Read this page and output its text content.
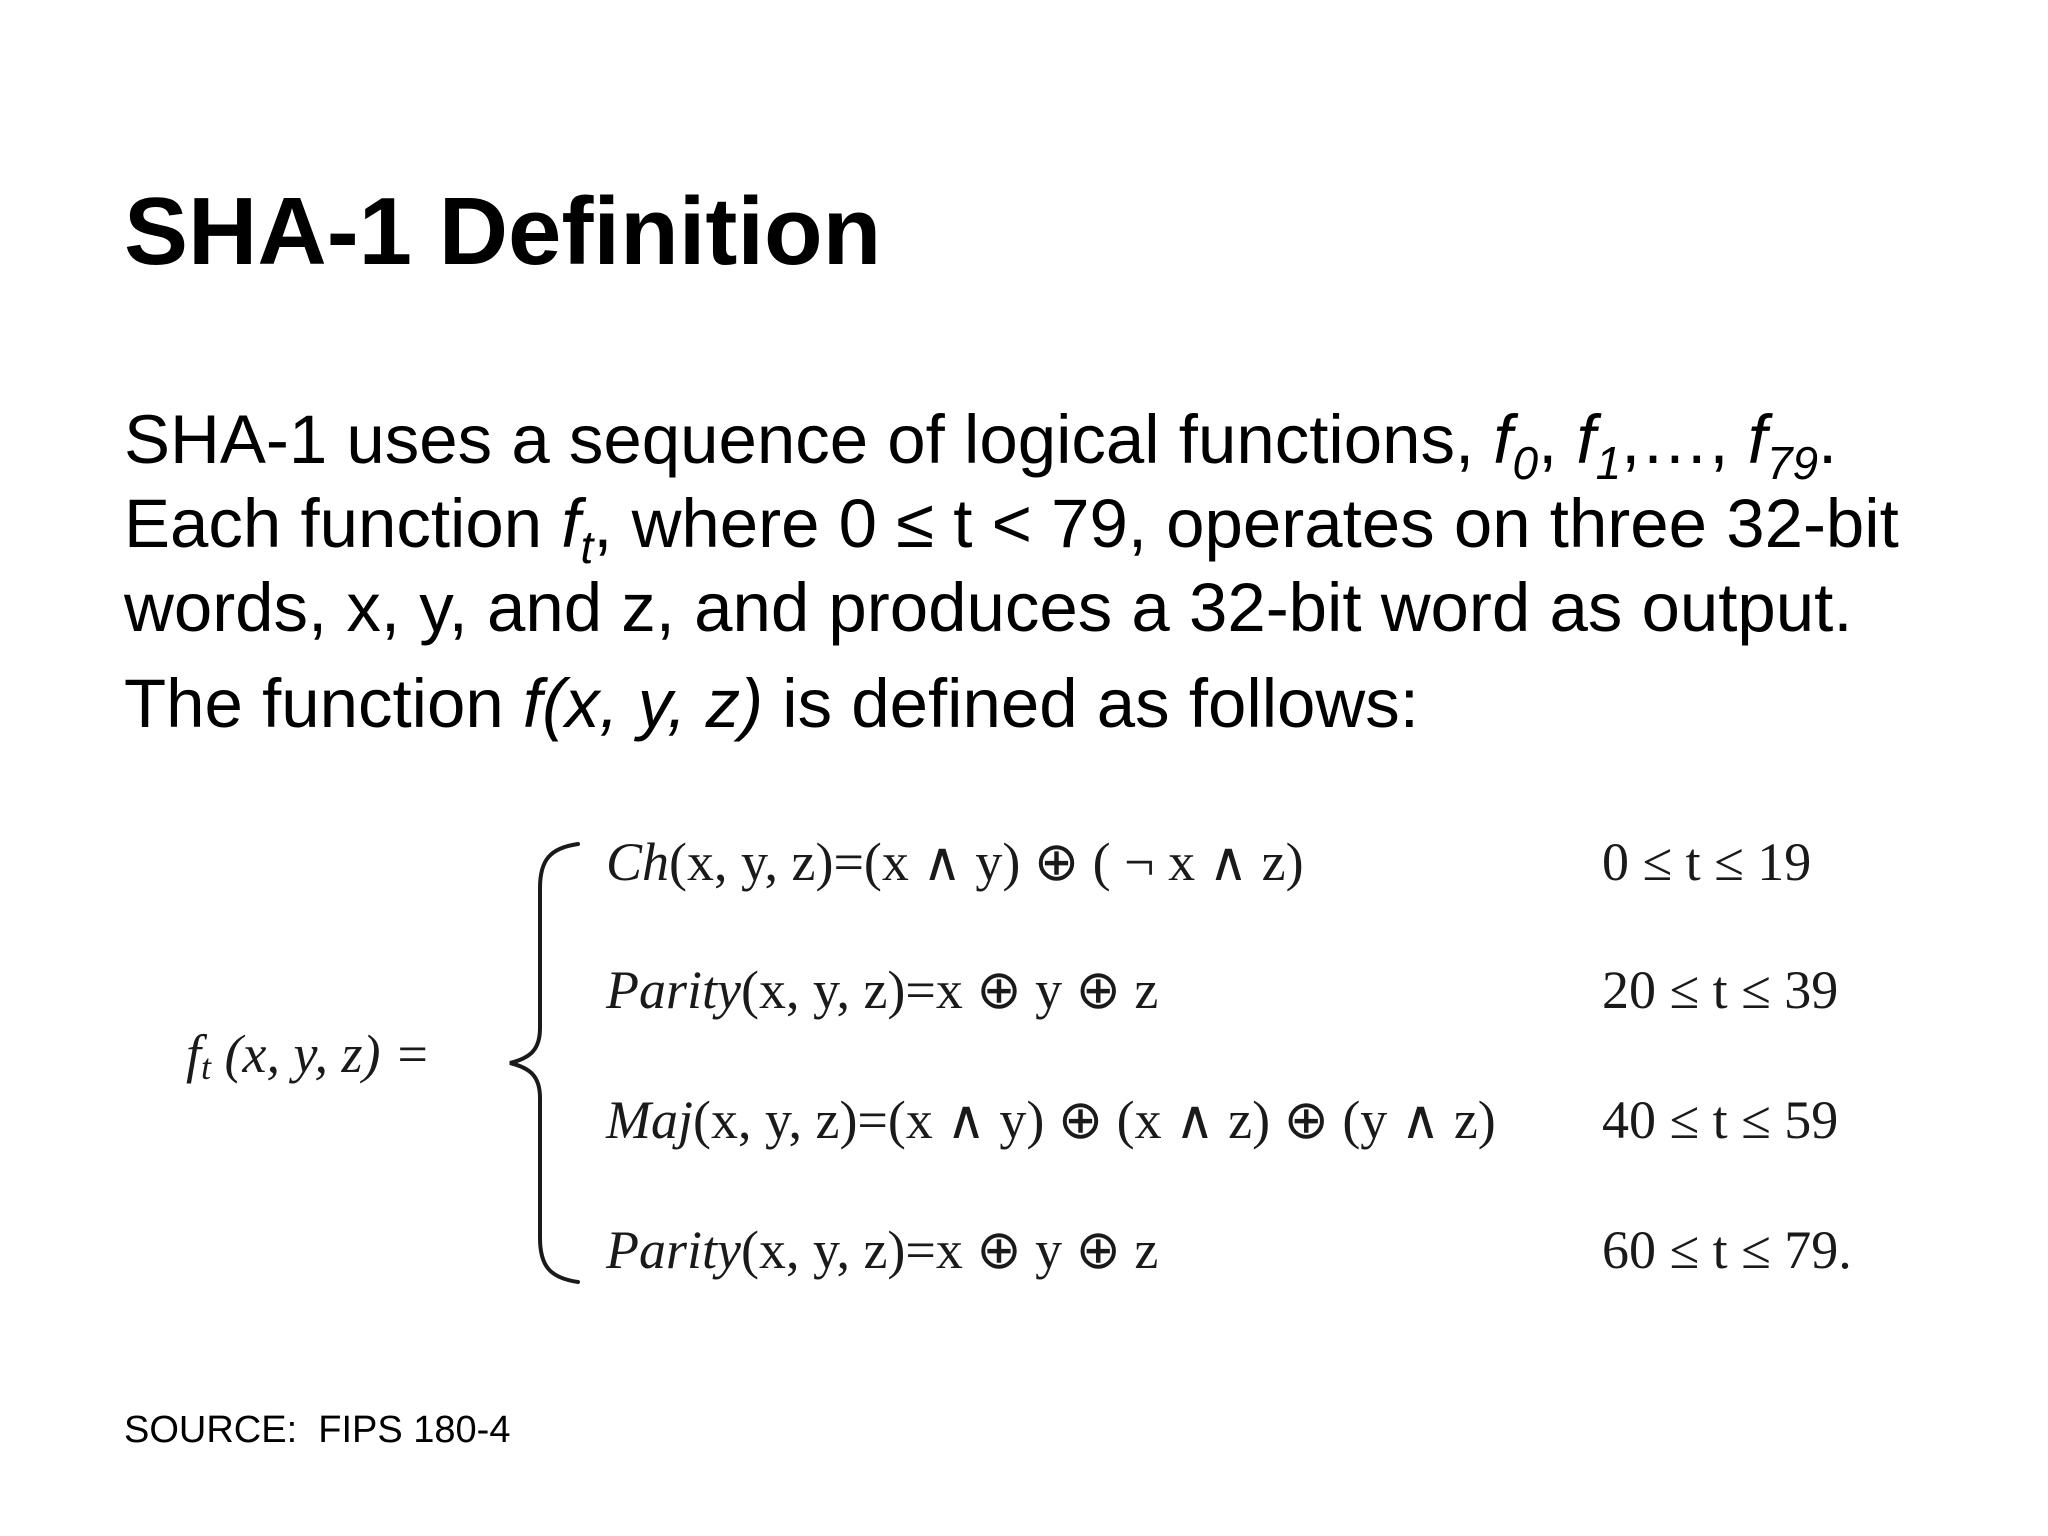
SHA-1 Definition

SHA-1 uses a sequence of logical functions, $f_0$, $f_1,\dots$, $f_{79}$.
Each function $f_t$, where 0 ≤ t < 79, operates on three 32-bit
words, x, y, and z, and produces a 32-bit word as output.

The function f(x, y, z) is defined as follows:

$f_t$ (x, y, z) =
Ch(x, y, z)=(x ∧ y) ⊕ ( ¬ x ∧ z)	0 ≤ t ≤ 19
Parity(x, y, z)=x ⊕ y ⊕ z	20 ≤ t ≤ 39
Maj(x, y, z)=(x ∧ y) ⊕ (x ∧ z) ⊕ (y ∧ z) 40 ≤ t ≤ 59
Parity(x, y, z)=x ⊕ y ⊕ z	60 ≤ t ≤ 79.
SOURCE:  FIPS 180-4
